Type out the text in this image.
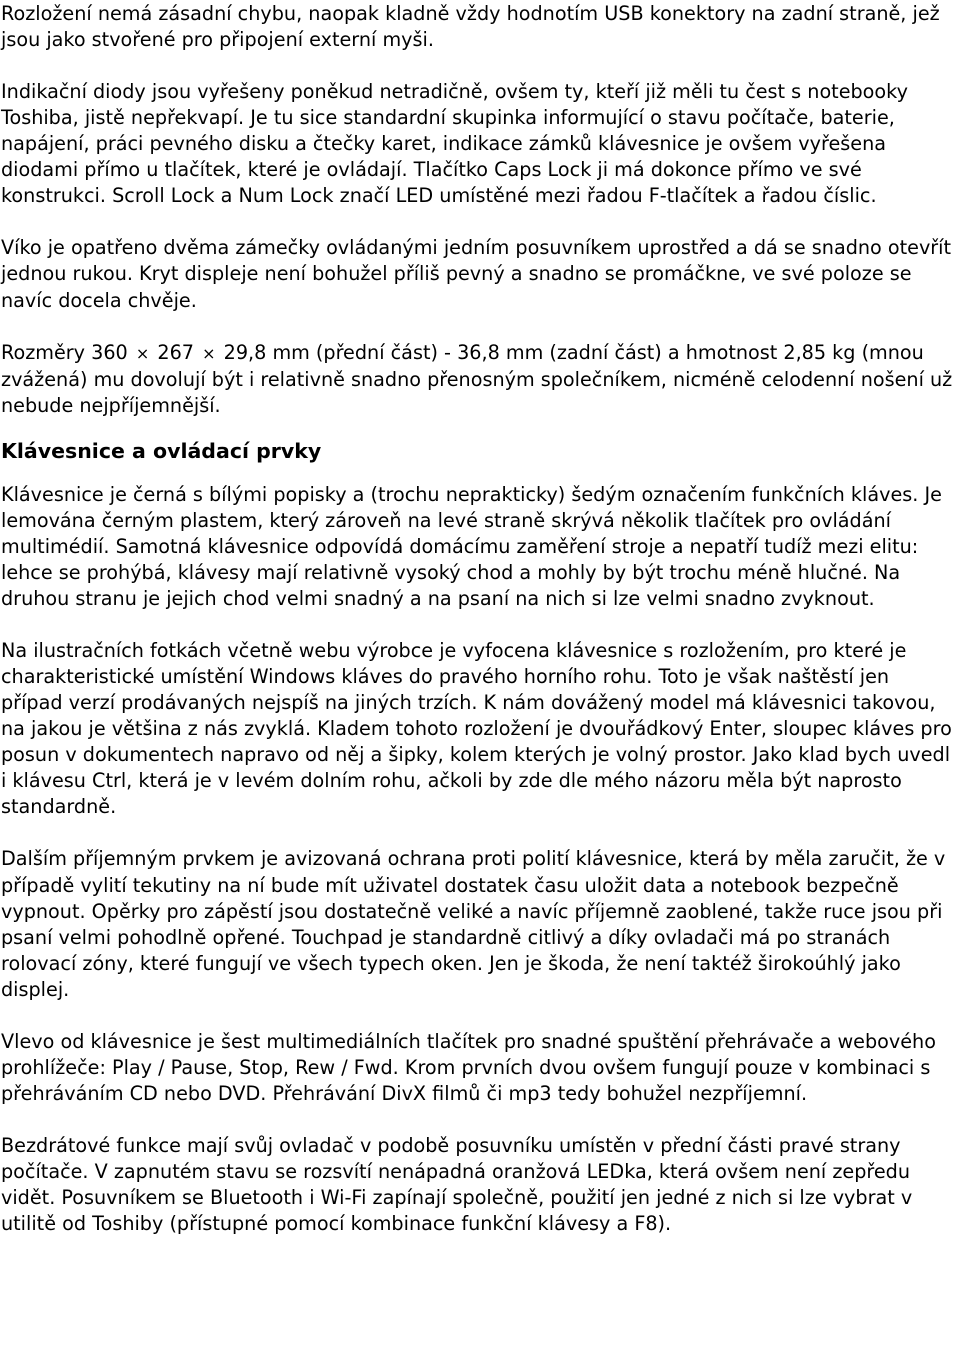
Rozložení nemá zásadní chybu, naopak kladně vždy hodnotím USB konektory na zadní straně, jež jsou jako stvořené pro připojení externí myši.

Indikační diody jsou vyřešeny poněkud netradičně, ovšem ty, kteří již měli tu čest s notebooky Toshiba, jistě nepřekvapí. Je tu sice standardní skupinka informující o stavu počítače, baterie, napájení, práci pevného disku a čtečky karet, indikace zámků klávesnice je ovšem vyřešena diodami přímo u tlačítek, které je ovládají. Tlačítko Caps Lock ji má dokonce přímo ve své konstrukci. Scroll Lock a Num Lock značí LED umístěné mezi řadou F-tlačítek a řadou číslic.

Víko je opatřeno dvěma zámečky ovládanými jedním posuvníkem uprostřed a dá se snadno otevřít jednou rukou. Kryt displeje není bohužel příliš pevný a snadno se promáčkne, ve své poloze se navíc docela chvěje.

Rozměry 360 × 267 × 29,8 mm (přední část) - 36,8 mm (zadní část) a hmotnost 2,85 kg (mnou zvážená) mu dovolují být i relativně snadno přenosným společníkem, nicméně celodenní nošení už nebude nejpříjemnější.

Klávesnice a ovládací prvky

Klávesnice je černá s bílými popisky a (trochu neprakticky) šedým označením funkčních kláves. Je lemována černým plastem, který zároveň na levé straně skrývá několik tlačítek pro ovládání multimédií. Samotná klávesnice odpovídá domácímu zaměření stroje a nepatří tudíž mezi elitu: lehce se prohýbá, klávesy mají relativně vysoký chod a mohly by být trochu méně hlučné. Na druhou stranu je jejich chod velmi snadný a na psaní na nich si lze velmi snadno zvyknout.

Na ilustračních fotkách včetně webu výrobce je vyfocena klávesnice s rozložením, pro které je charakteristické umístění Windows kláves do pravého horního rohu. Toto je však naštěstí jen případ verzí prodávaných nejspíš na jiných trzích. K nám dovážený model má klávesnici takovou, na jakou je většina z nás zvyklá. Kladem tohoto rozložení je dvouřádkový Enter, sloupec kláves pro posun v dokumentech napravo od něj a šipky, kolem kterých je volný prostor. Jako klad bych uvedl i klávesu Ctrl, která je v levém dolním rohu, ačkoli by zde dle mého názoru měla být naprosto standardně.

Dalším příjemným prvkem je avizovaná ochrana proti polití klávesnice, která by měla zaručit, že v případě vylití tekutiny na ní bude mít uživatel dostatek času uložit data a notebook bezpečně vypnout. Opěrky pro zápěstí jsou dostatečně veliké a navíc příjemně zaoblené, takže ruce jsou při psaní velmi pohodlně opřené. Touchpad je standardně citlivý a díky ovladači má po stranách rolovací zóny, které fungují ve všech typech oken. Jen je škoda, že není taktéž širokoúhlý jako displej.

Vlevo od klávesnice je šest multimediálních tlačítek pro snadné spuštění přehrávače a webového prohlížeče: Play / Pause, Stop, Rew / Fwd. Krom prvních dvou ovšem fungují pouze v kombinaci s přehráváním CD nebo DVD. Přehrávání DivX filmů či mp3 tedy bohužel nezpříjemní.

Bezdrátové funkce mají svůj ovladač v podobě posuvníku umístěn v přední části pravé strany počítače. V zapnutém stavu se rozsvítí nenápadná oranžová LEDka, která ovšem není zepředu vidět. Posuvníkem se Bluetooth i Wi-Fi zapínají společně, použití jen jedné z nich si lze vybrat v utilitě od Toshiby (přístupné pomocí kombinace funkční klávesy a F8).
